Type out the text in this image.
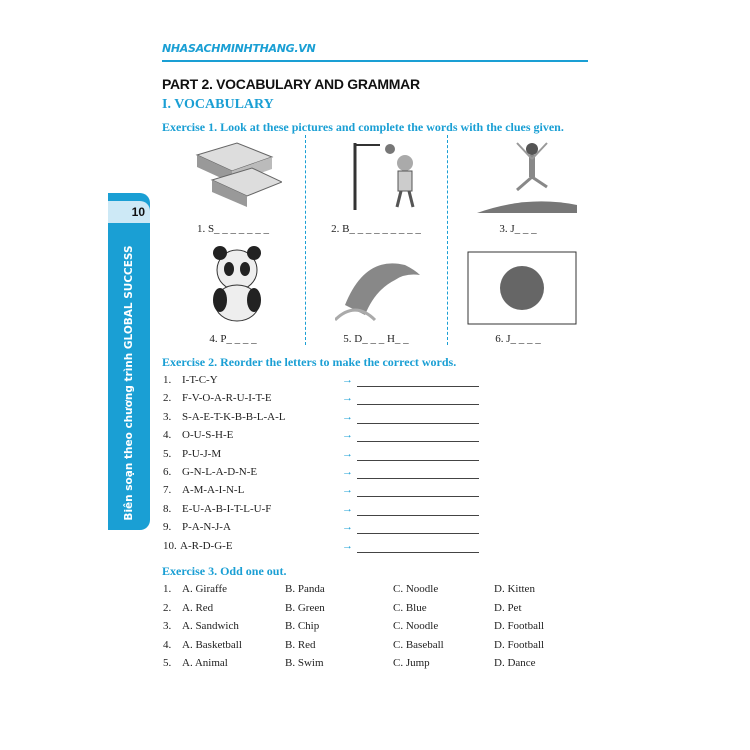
NHASACHMINHTHANG.VN
10
Biên soạn theo chương trình GLOBAL SUCCESS
PART 2. VOCABULARY AND GRAMMAR
I. VOCABULARY
Exercise 1. Look at these pictures and complete the words with the clues given.
1. S_ _ _ _ _ _ _	2. B_ _ _ _ _ _ _ _ _	3. J_ _ _
4. P_ _ _ _	5. D_ _ _ H_ _	6. J_ _ _ _
Exercise 2. Reorder the letters to make the correct words.
1. I-T-C-Y	→
2. F-V-O-A-R-U-I-T-E	→
3. S-A-E-T-K-B-B-L-A-L	→
4. O-U-S-H-E	→
5. P-U-J-M	→
6. G-N-L-A-D-N-E	→
7. A-M-A-I-N-L	→
8. E-U-A-B-I-T-L-U-F	→
9. P-A-N-J-A	→
10. A-R-D-G-E	→
Exercise 3. Odd one out.
1. A. Giraffe	B. Panda	C. Noodle	D. Kitten
2. A. Red	B. Green	C. Blue	D. Pet
3. A. Sandwich	B. Chip	C. Noodle	D. Football
4. A. Basketball	B. Red	C. Baseball	D. Football
5. A. Animal	B. Swim	C. Jump	D. Dance
